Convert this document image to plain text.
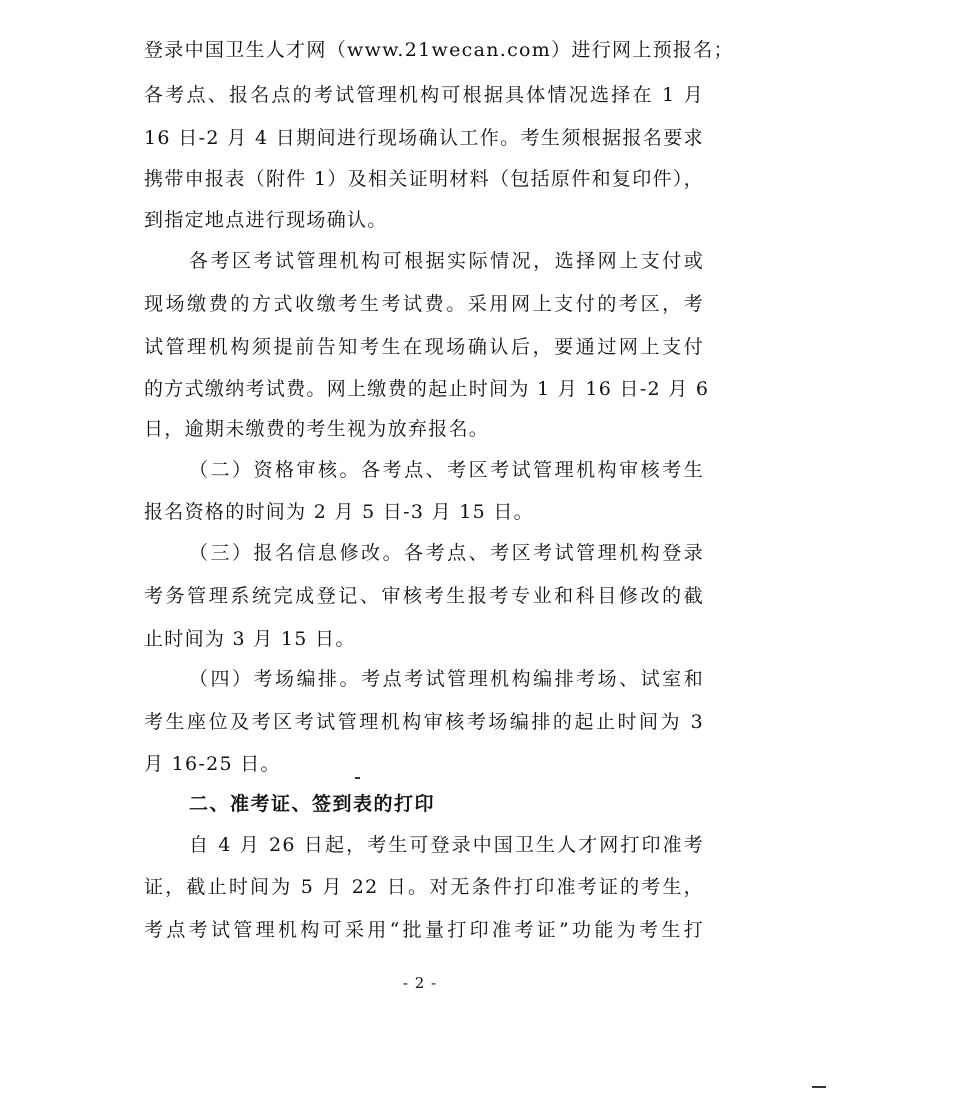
登录中国卫生人才网（www.21wecan.com）进行网上预报名；
各考点、报名点的考试管理机构可根据具体情况选择在 1 月
16 日-2 月 4 日期间进行现场确认工作。考生须根据报名要求
携带申报表（附件 1）及相关证明材料（包括原件和复印件），
到指定地点进行现场确认。
各考区考试管理机构可根据实际情况，选择网上支付或
现场缴费的方式收缴考生考试费。采用网上支付的考区，考
试管理机构须提前告知考生在现场确认后，要通过网上支付
的方式缴纳考试费。网上缴费的起止时间为 1 月 16 日-2 月 6
日，逾期未缴费的考生视为放弃报名。
（二）资格审核。各考点、考区考试管理机构审核考生
报名资格的时间为 2 月 5 日-3 月 15 日。
（三）报名信息修改。各考点、考区考试管理机构登录
考务管理系统完成登记、审核考生报考专业和科目修改的截
止时间为 3 月 15 日。
（四）考场编排。考点考试管理机构编排考场、试室和
考生座位及考区考试管理机构审核考场编排的起止时间为 3
月 16-25 日。
二、准考证、签到表的打印
自 4 月 26 日起，考生可登录中国卫生人才网打印准考
证，截止时间为 5 月 22 日。对无条件打印准考证的考生，
考点考试管理机构可采用“批量打印准考证”功能为考生打
- 2 -
